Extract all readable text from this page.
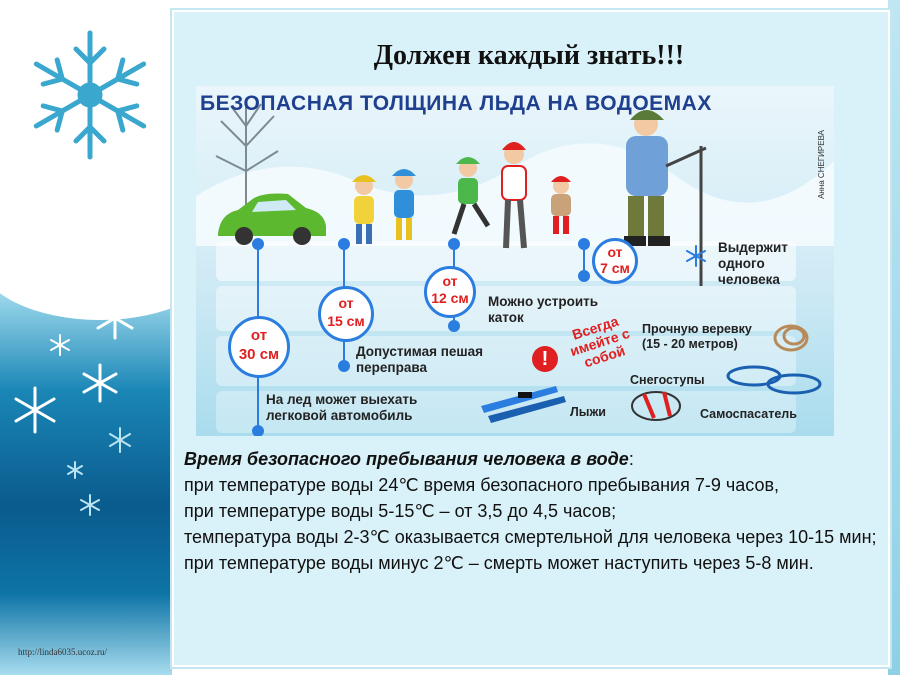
Должен каждый знать!!!
БЕЗОПАСНАЯ ТОЛЩИНА ЛЬДА НА ВОДОЕМАХ
Анна СНЕГИРЕВА
от
7 см
от
12 см
от
15 см
от
30 см
Выдержит одного человека
Можно устроить каток
Допустимая пешая переправа
На лед может выехать легковой автомобиль
!
Всегда имейте с собой
Прочную веревку (15 - 20 метров)
Снегоступы
Лыжи	Самоспасатель
Время безопасного пребывания человека в воде:
при температуре воды 24℃ время безопасного пребывания 7-9 часов,
при температуре воды 5-15℃ – от 3,5 до 4,5 часов;
температура воды 2-3℃ оказывается смертельной для человека через 10-15 мин;
при температуре воды минус 2℃ – смерть может наступить через 5-8 мин.
http://linda6035.ucoz.ru/
